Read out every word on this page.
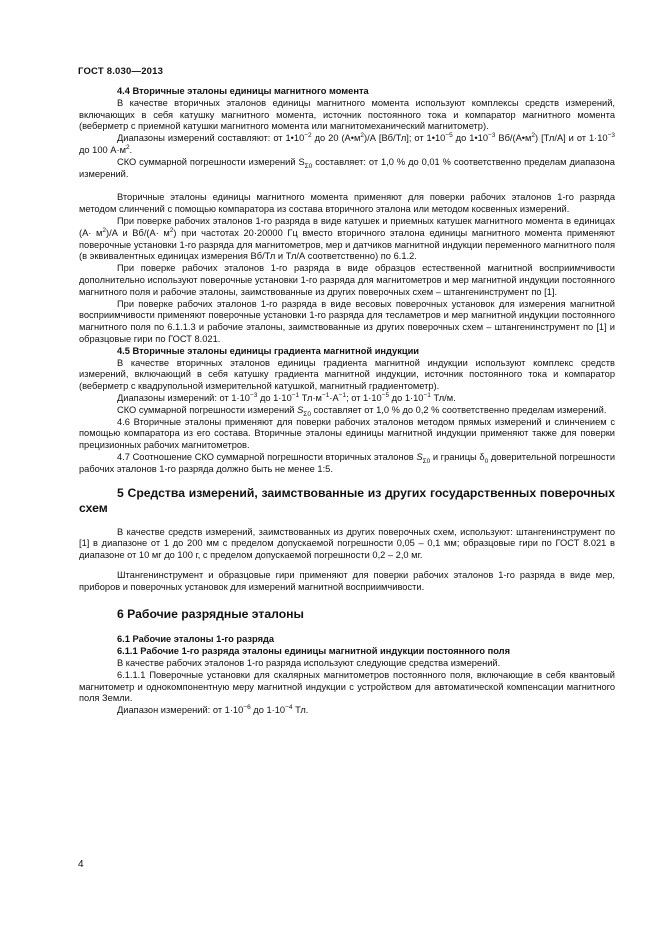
ГОСТ 8.030—2013

4.4 Вторичные эталоны единицы магнитного момента

В качестве вторичных эталонов единицы магнитного момента используют комплексы средств измерений, включающих в себя катушку магнитного момента, источник постоянного тока и компаратор магнитного момента (веберметр с приемной катушки магнитного момента или магнитомеханический магнитометр).

Диапазоны измерений составляют: от $1•10^{-2}$ до 20 $(А•м^2)/А$ [Вб/Тл]; от $1•10^{-5}$ до $1•10^{-3}$ $Вб/(А•м^2)$ [Тл/А] и от $1\cdot 10^{-3}$ до 100 $А\cdot м^2$.

СКО суммарной погрешности измерений $S_{\Sigma 0}$ составляет: от 1,0 % до 0,01 % соответственно пределам диапазона измерений.

Вторичные эталоны единицы магнитного момента применяют для поверки рабочих эталонов 1-го разряда методом слинчений с помощью компаратора из состава вторичного эталона или методом косвенных измерений.

При поверке рабочих эталонов 1-го разряда в виде катушек и приемных катушек магнитного момента в единицах $(А\cdot м^2)/А$ и $Вб/(А\cdot м^2)$ при частотах 20·20000 Гц вместо вторичного эталона единицы магнитного момента применяют поверочные установки 1-го разряда для магнитометров, мер и датчиков магнитной индукции переменного магнитного поля (в эквивалентных единицах измерения Вб/Тл и Тл/А соответственно) по 6.1.2.

При поверке рабочих эталонов 1-го разряда в виде образцов естественной магнитной восприимчивости дополнительно используют поверочные установки 1-го разряда для магнитометров и мер магнитной индукции постоянного магнитного поля и рабочие эталоны, заимствованные из других поверочных схем – штангенинструмент по [1].

При поверке рабочих эталонов 1-го разряда в виде весовых поверочных установок для измерения магнитной восприимчивости применяют поверочные установки 1-го разряда для тесламетров и мер магнитной индукции постоянного магнитного поля по 6.1.1.3 и рабочие эталоны, заимствованные из других поверочных схем – штангенинструмент по [1] и образцовые гири по ГОСТ 8.021.

4.5 Вторичные эталоны единицы градиента магнитной индукции

В качестве вторичных эталонов единицы градиента магнитной индукции используют комплекс средств измерений, включающий в себя катушку градиента магнитной индукции, источник постоянного тока и компаратор (веберметр с квадрупольной измерительной катушкой, магнитный градиентометр).

Диапазоны измерений: от $1\cdot 10^{-3}$ до $1\cdot 10^{-1}$ $Тл\cdot м^{-1}\cdot А^{-1}$; от $1\cdot 10^{-5}$ до $1\cdot 10^{-1}$ Тл/м.

СКО суммарной погрешности измерений $S_{\Sigma 0}$ составляет от 1,0 % до 0,2 % соответственно пределам измерений.

4.6 Вторичные эталоны применяют для поверки рабочих эталонов методом прямых измерений и слинчением с помощью компаратора из его состава. Вторичные эталоны единицы магнитной индукции применяют также для поверки прецизионных рабочих магнитометров.

4.7 Соотношение СКО суммарной погрешности вторичных эталонов $S_{\Sigma 0}$ и границы $\delta_0$ доверительной погрешности рабочих эталонов 1-го разряда должно быть не менее 1:5.

5 Средства измерений, заимствованные из других государственных поверочных схем

В качестве средств измерений, заимствованных из других поверочных схем, используют: штангенинструмент по [1] в диапазоне от 1 до 200 мм с пределом допускаемой погрешности 0,05 – 0,1 мм; образцовые гири по ГОСТ 8.021 в диапазоне от 10 мг до 100 г, с пределом допускаемой погрешности 0,2 – 2,0 мг.

Штангенинструмент и образцовые гири применяют для поверки рабочих эталонов 1-го разряда в виде мер, приборов и поверочных установок для измерений магнитной восприимчивости.

6 Рабочие разрядные эталоны

6.1 Рабочие эталоны 1-го разряда

6.1.1 Рабочие 1-го разряда эталоны единицы магнитной индукции постоянного поля

В качестве рабочих эталонов 1-го разряда используют следующие средства измерений.

6.1.1.1 Поверочные установки для скалярных магнитометров постоянного поля, включающие в себя квантовый магнитометр и однокомпонентную меру магнитной индукции с устройством для автоматической компенсации магнитного поля Земли.

Диапазон измерений: от $1\cdot 10^{-6}$ до $1\cdot 10^{-4}$ Тл.

4
